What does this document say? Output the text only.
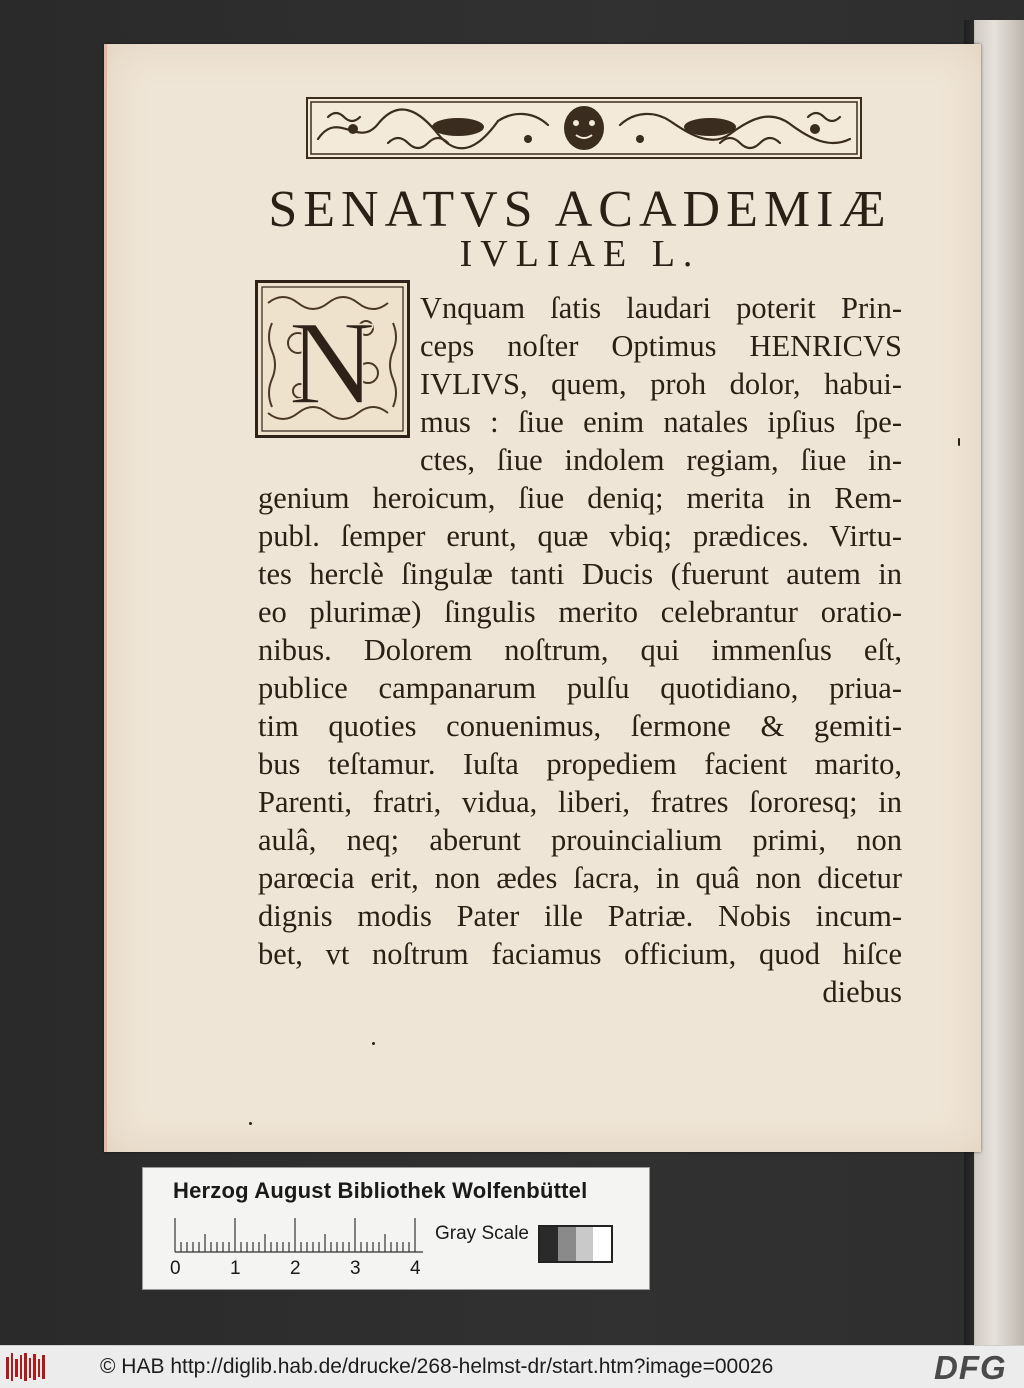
SENATVS ACADEMIÆ
IVLIAE L.
N Vnquam ſatis laudari poterit Prin-
ceps noſter Optimus HENRICVS
IVLIVS, quem, proh dolor, habui-
mus : ſiue enim natales ipſius ſpe-
ctes, ſiue indolem regiam, ſiue in-
genium heroicum, ſiue deniq; merita in Rem-
publ. ſemper erunt, quæ vbiq; prædices. Virtu-
tes herclè ſingulæ tanti Ducis (fuerunt autem in
eo plurimæ) ſingulis merito celebrantur oratio-
nibus. Dolorem noſtrum, qui immenſus eſt,
publice campanarum pulſu quotidiano, priua-
tim quoties conuenimus, ſermone & gemiti-
bus teſtamur. Iuſta propediem facient marito,
Parenti, fratri, vidua, liberi, fratres ſororesq; in
aulâ, neq; aberunt prouincialium primi, non
parœcia erit, non ædes ſacra, in quâ non dicetur
dignis modis Pater ille Patriæ. Nobis incum-
bet, vt noſtrum faciamus officium, quod hiſce
diebus
Herzog August Bibliothek Wolfenbüttel
0	1	2	3	4
Gray Scale
© HAB http://diglib.hab.de/drucke/268-helmst-dr/start.htm?image=00026	DFG
